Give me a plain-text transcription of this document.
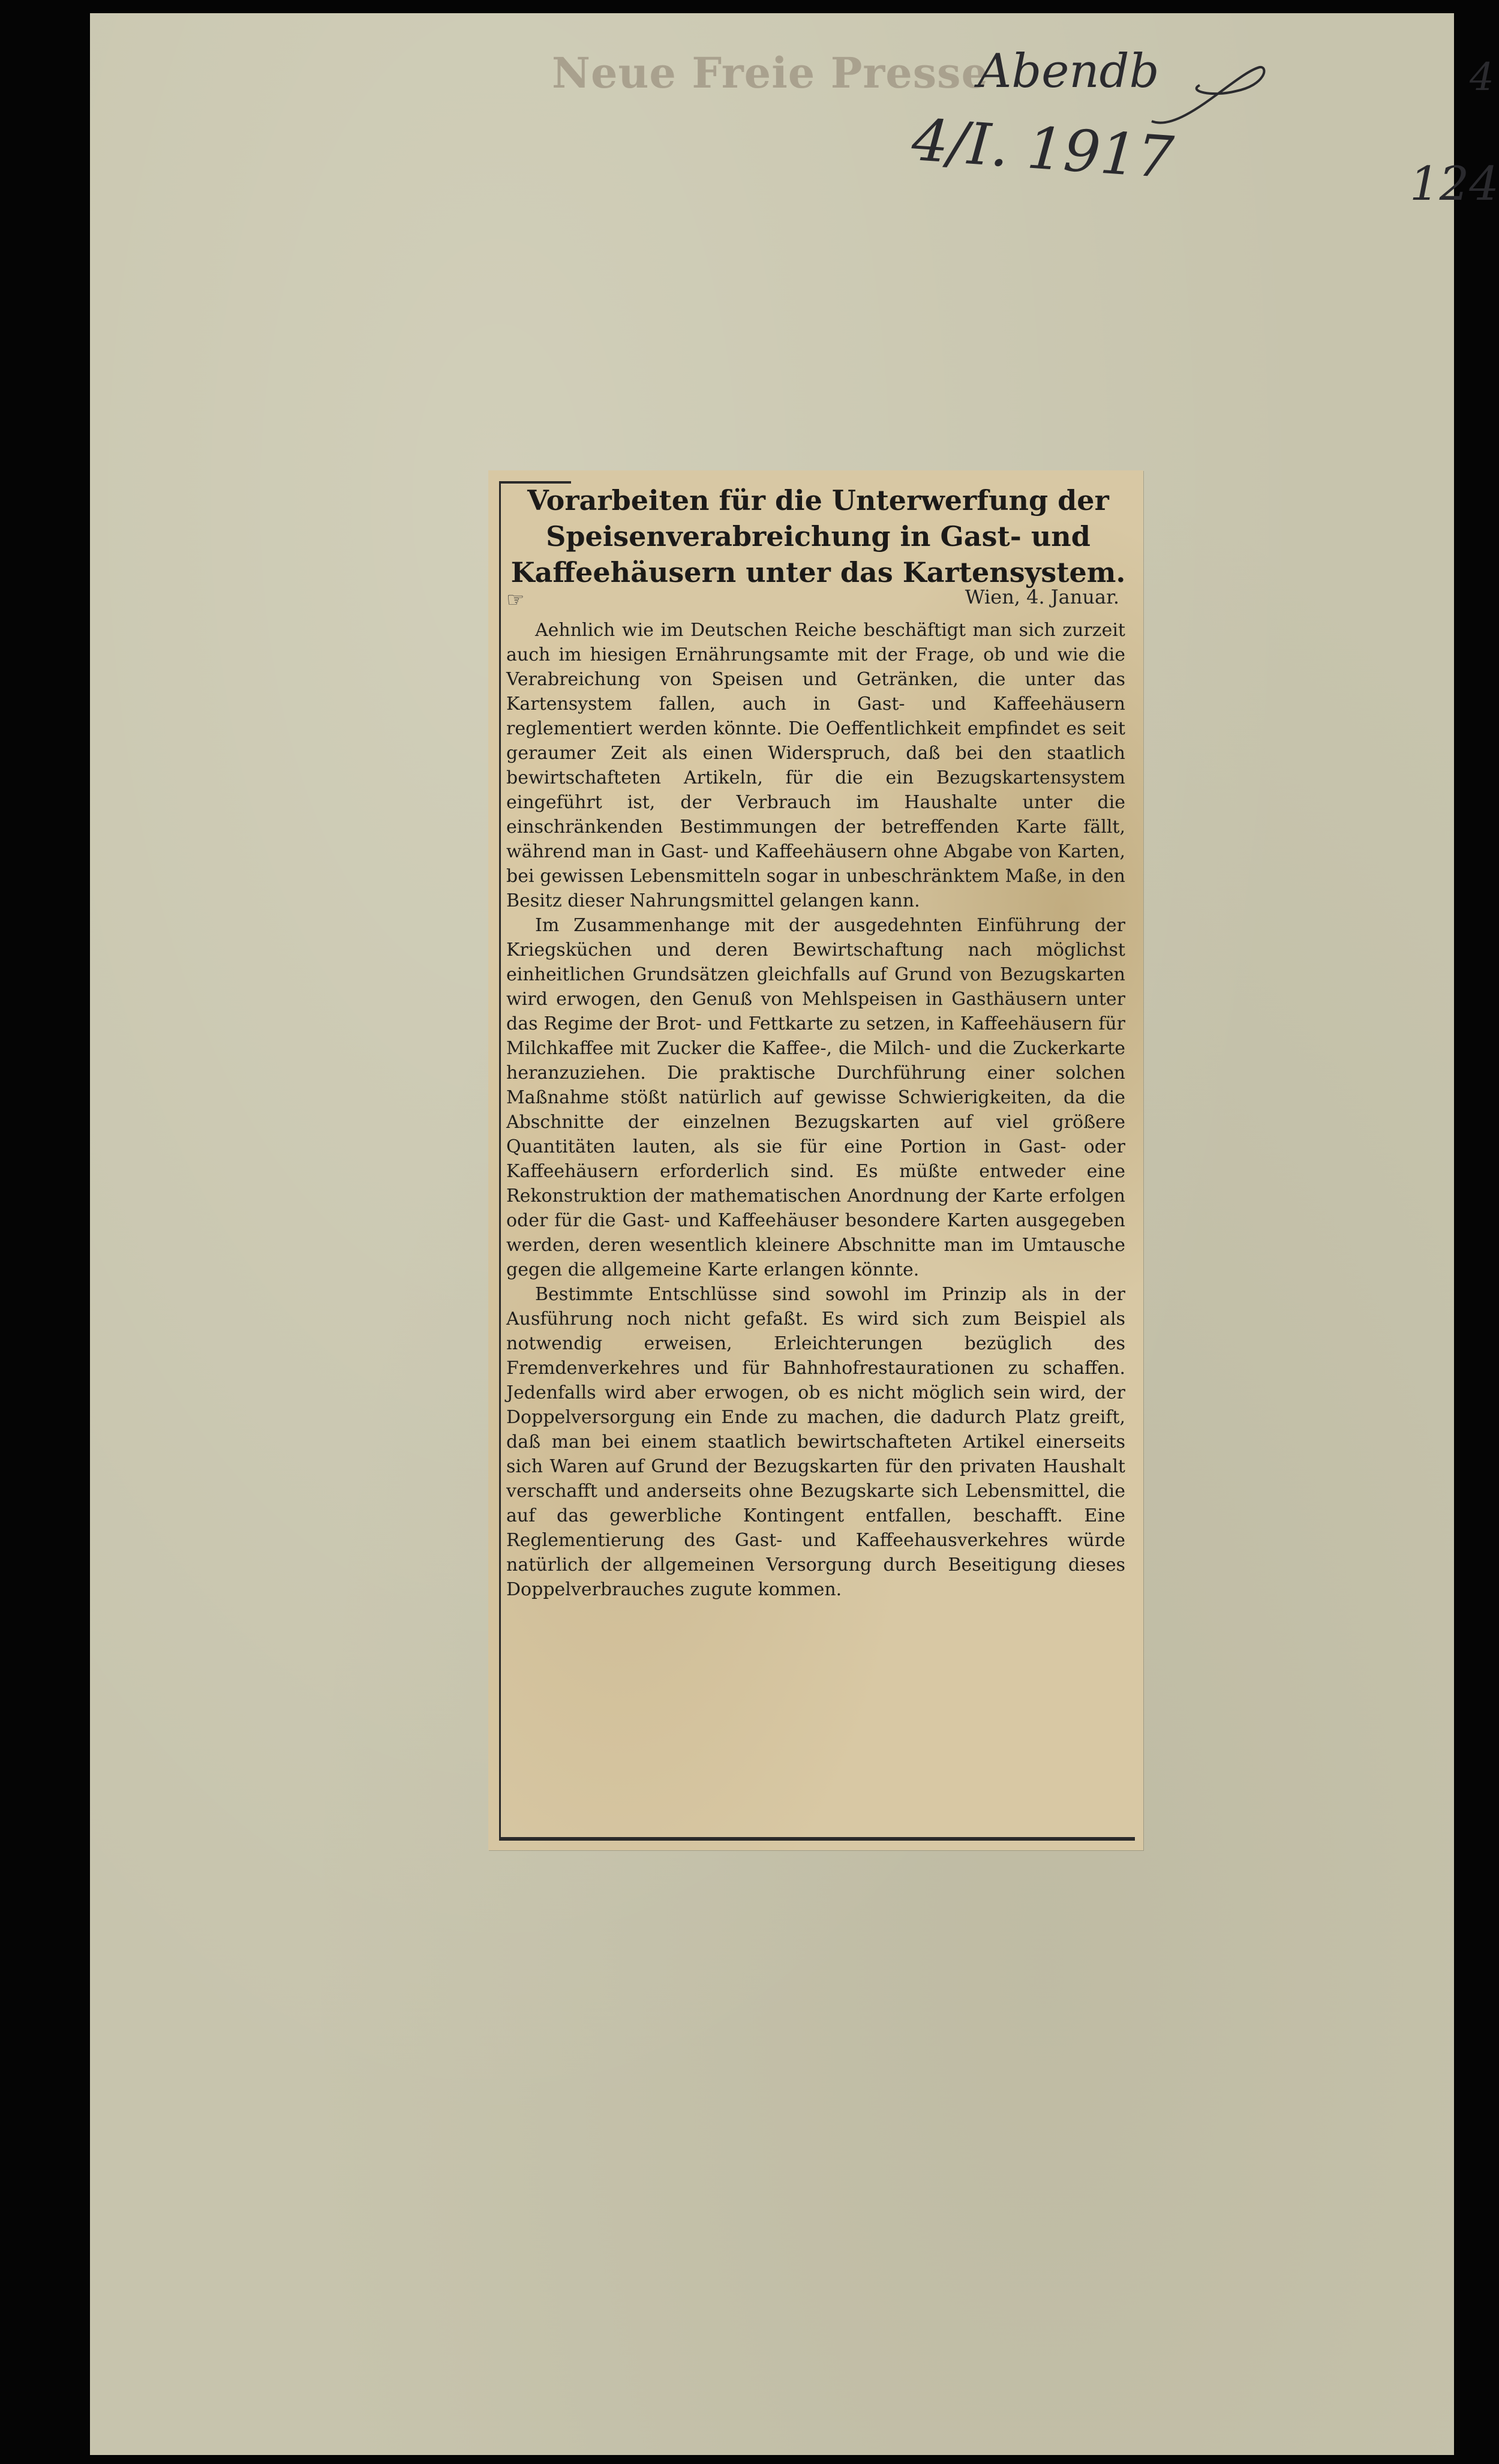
Neue Freie Presse
Abendb
4/I. 1917
4
124
Vorarbeiten für die Unterwerfung der Speisenverabreichung in Gast- und Kaffeehäusern unter das Kartensystem.
☞	Wien, 4. Januar.

Aehnlich wie im Deutschen Reiche beschäftigt man sich zurzeit auch im hiesigen Ernährungsamte mit der Frage, ob und wie die Verabreichung von Speisen und Getränken, die unter das Kartensystem fallen, auch in Gast- und Kaffeehäusern reglementiert werden könnte. Die Oeffentlichkeit empfindet es seit geraumer Zeit als einen Widerspruch, daß bei den staatlich bewirtschafteten Artikeln, für die ein Bezugskartensystem eingeführt ist, der Verbrauch im Haushalte unter die einschränkenden Bestimmungen der betreffenden Karte fällt, während man in Gast- und Kaffeehäusern ohne Abgabe von Karten, bei gewissen Lebensmitteln sogar in unbeschränktem Maße, in den Besitz dieser Nahrungsmittel gelangen kann.

Im Zusammenhange mit der ausgedehnten Einführung der Kriegsküchen und deren Bewirtschaftung nach möglichst einheitlichen Grundsätzen gleichfalls auf Grund von Bezugskarten wird erwogen, den Genuß von Mehlspeisen in Gasthäusern unter das Regime der Brot- und Fettkarte zu setzen, in Kaffeehäusern für Milchkaffee mit Zucker die Kaffee-, die Milch- und die Zuckerkarte heranzuziehen. Die praktische Durchführung einer solchen Maßnahme stößt natürlich auf gewisse Schwierigkeiten, da die Abschnitte der einzelnen Bezugskarten auf viel größere Quantitäten lauten, als sie für eine Portion in Gast- oder Kaffeehäusern erforderlich sind. Es müßte entweder eine Rekonstruktion der mathematischen Anordnung der Karte erfolgen oder für die Gast- und Kaffeehäuser besondere Karten ausgegeben werden, deren wesentlich kleinere Abschnitte man im Umtausche gegen die allgemeine Karte erlangen könnte.

Bestimmte Entschlüsse sind sowohl im Prinzip als in der Ausführung noch nicht gefaßt. Es wird sich zum Beispiel als notwendig erweisen, Erleichterungen bezüglich des Fremdenverkehres und für Bahnhofrestaurationen zu schaffen. Jedenfalls wird aber erwogen, ob es nicht möglich sein wird, der Doppelversorgung ein Ende zu machen, die dadurch Platz greift, daß man bei einem staatlich bewirtschafteten Artikel einerseits sich Waren auf Grund der Bezugskarten für den privaten Haushalt verschafft und anderseits ohne Bezugskarte sich Lebensmittel, die auf das gewerbliche Kontingent entfallen, beschafft. Eine Reglementierung des Gast- und Kaffeehausverkehres würde natürlich der allgemeinen Versorgung durch Beseitigung dieses Doppelverbrauches zugute kommen.
